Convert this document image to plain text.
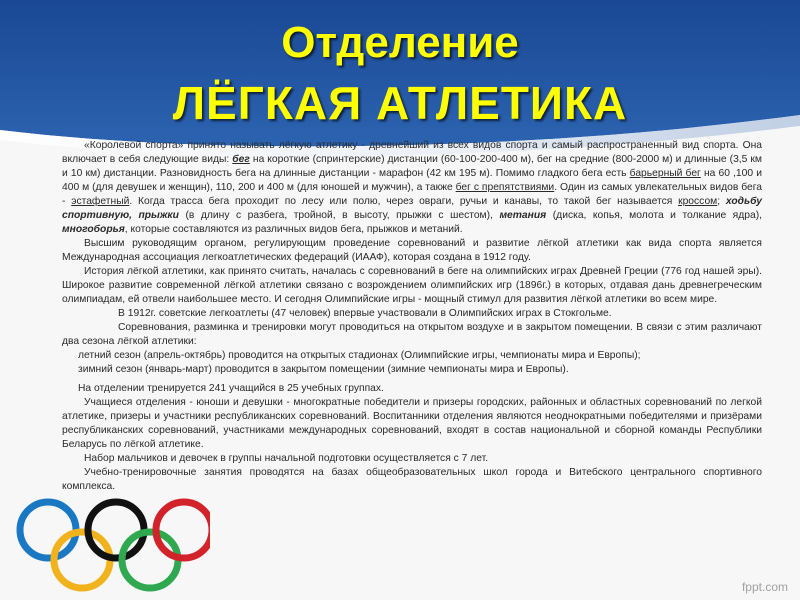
Отделение
ЛЁГКАЯ АТЛЕТИКА

«Королевой спорта» принято называть лёгкую атлетику - древнейший из всех видов спорта и самый распространенный вид спорта. Она включает в себя следующие виды: бег на короткие (спринтерские) дистанции (60-100-200-400 м), бег на средние (800-2000 м) и длинные (3,5 км и 10 км) дистанции. Разновидность бега на длинные дистанции - марафон (42 км 195 м). Помимо гладкого бега есть барьерный бег на 60 ,100 и 400 м (для девушек и женщин), 110, 200 и 400 м (для юношей и мужчин), а также бег с препятствиями. Один из самых увлекательных видов бега - эстафетный. Когда трасса бега проходит по лесу или полю, через овраги, ручьи и канавы, то такой бег называется кроссом; ходьбу спортивную, прыжки (в длину с разбега, тройной, в высоту, прыжки с шестом), метания (диска, копья, молота и толкание ядра), многоборья, которые составляются из различных видов бега, прыжков и метаний.

Высшим руководящим органом, регулирующим проведение соревнований и развитие лёгкой атлетики как вида спорта является Международная ассоциация легкоатлетических федераций (ИААФ), которая создана в 1912 году.

История лёгкой атлетики, как принято считать, началась с соревнований в беге на олимпийских играх Древней Греции (776 год нашей эры). Широкое развитие современной лёгкой атлетики связано с возрождением олимпийских игр (1896г.) в которых, отдавая дань древнегреческим олимпиадам, ей отвели наибольшее место. И сегодня Олимпийские игры - мощный стимул для развития лёгкой атлетики во всем мире.

В 1912г. советские легкоатлеты (47 человек) впервые участвовали в Олимпийских играх в Стокгольме.

Соревнования, разминка и тренировки могут проводиться на открытом воздухе и в закрытом помещении. В связи с этим различают два сезона лёгкой атлетики:

летний сезон (апрель-октябрь) проводится на открытых стадионах (Олимпийские игры, чемпионаты мира и Европы);

зимний сезон (январь-март) проводится в закрытом помещении (зимние чемпионаты мира и Европы).

На отделении тренируется 241 учащийся в 25 учебных группах.

Учащиеся отделения - юноши и девушки - многократные победители и призеры городских, районных и областных соревнований по легкой атлетике, призеры и участники республиканских соревнований. Воспитанники отделения являются неоднократными победителями и призёрами республиканских соревнований, участниками международных соревнований, входят в состав национальной и сборной команды Республики Беларусь по лёгкой атлетике.

Набор мальчиков и девочек в группы начальной подготовки осуществляется с 7 лет.

Учебно-тренировочные занятия проводятся на базах общеобразовательных школ города и Витебского центрального спортивного комплекса.

fppt.com
